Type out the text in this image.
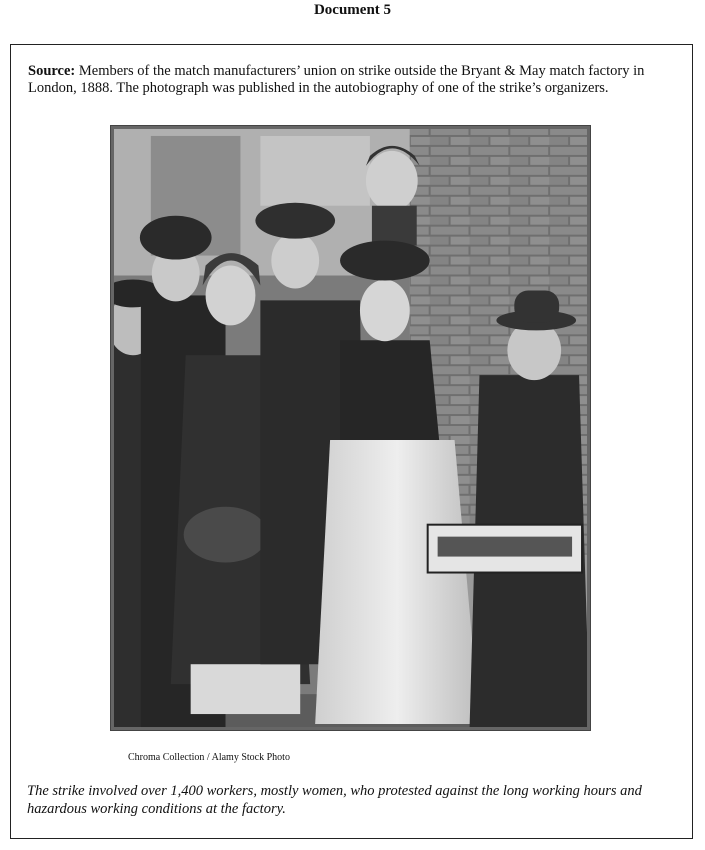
Document 5

Source: Members of the match manufacturers’ union on strike outside the Bryant & May match factory in London, 1888. The photograph was published in the autobiography of one of the strike’s organizers.

Chroma Collection / Alamy Stock Photo

The strike involved over 1,400 workers, mostly women, who protested against the long working hours and hazardous working conditions at the factory.
